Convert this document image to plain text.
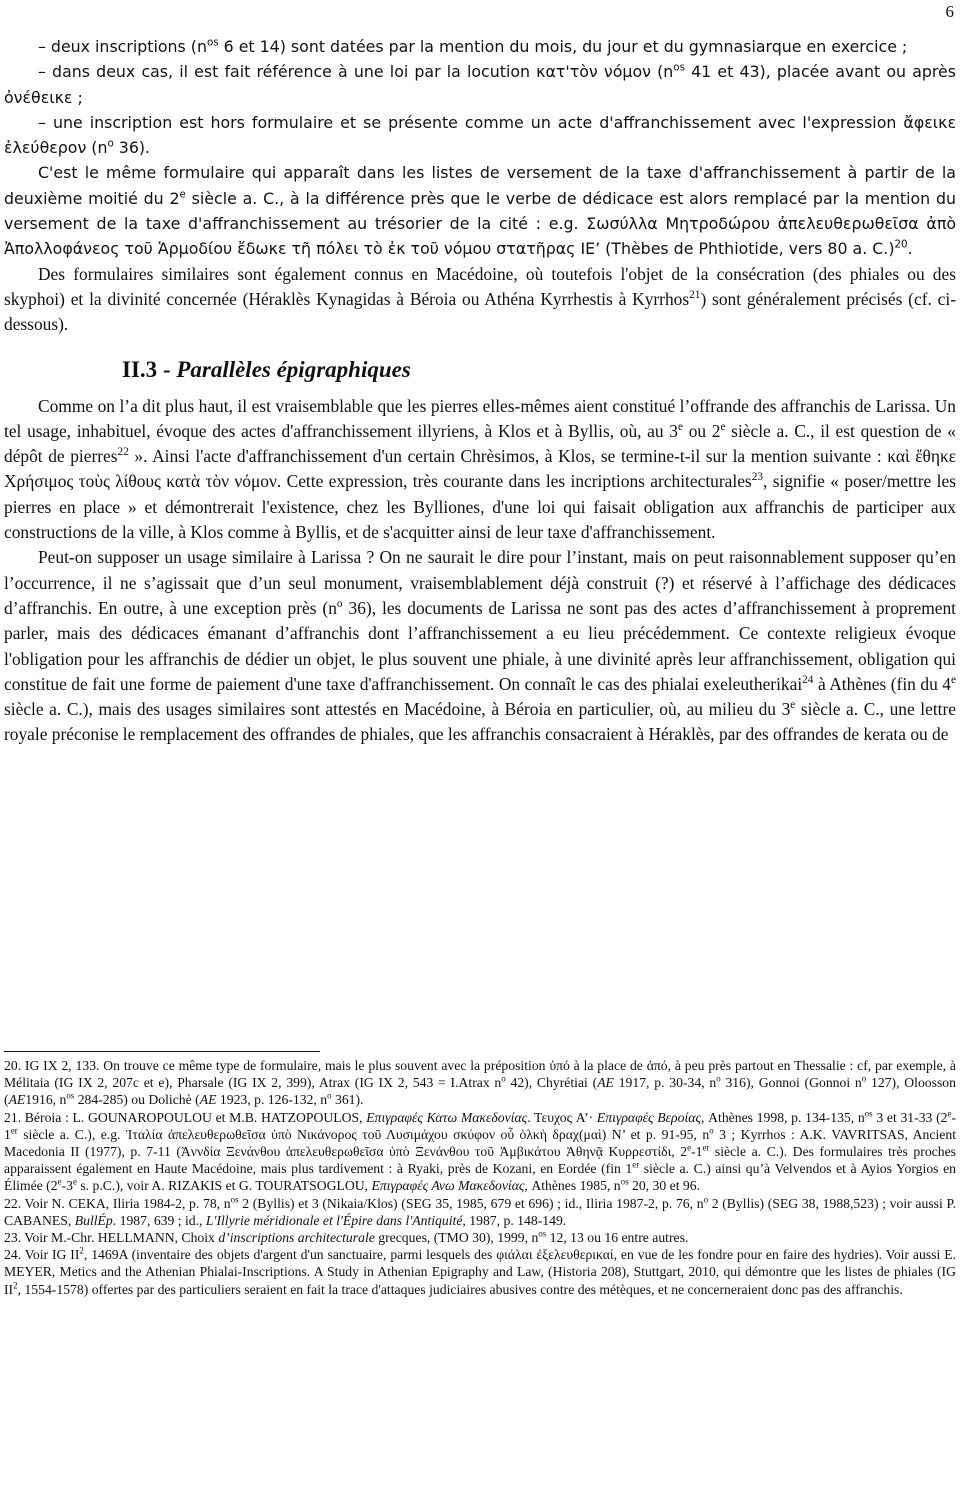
6

– deux inscriptions ($n^{os}$ 6 et 14) sont datées par la mention du mois, du jour et du gymnasiarque en exercice ;

– dans deux cas, il est fait référence à une loi par la locution κατ'τὸν νόμον ($n^{os}$ 41 et 43), placée avant ou après ὀνέθεικε ;

– une inscription est hors formulaire et se présente comme un acte d'affranchissement avec l'expression ἄφεικε ἐλεύθερον ($n^o$ 36).

C'est le même formulaire qui apparaît dans les listes de versement de la taxe d'affranchissement à partir de la deuxième moitié du 2e siècle a. C., à la différence près que le verbe de dédicace est alors remplacé par la mention du versement de la taxe d'affranchissement au trésorier de la cité : e.g. Σωσύλλα Μητροδώρου ἀπελευθερωθεῖσα ἀπὸ Ἀπολλοφάνεος τοῦ Ἁρμοδίου ἔδωκε τῆ πόλει τὸ ἐκ τοῦ νόμου στατῆρας ΙΕ’ (Thèbes de Phthiotide, vers 80 a. C.)$^{20}$.

Des formulaires similaires sont également connus en Macédoine, où toutefois l'objet de la consécration (des phiales ou des skyphoi) et la divinité concernée (Héraklès Kynagidas à Béroia ou Athéna Kyrrhestis à Kyrrhos$^{21}$) sont généralement précisés (cf. ci-dessous).

II.3 - Parallèles épigraphiques

Comme on l’a dit plus haut, il est vraisemblable que les pierres elles-mêmes aient constitué l’offrande des affranchis de Larissa. Un tel usage, inhabituel, évoque des actes d'affranchissement illyriens, à Klos et à Byllis, où, au 3e ou 2e siècle a. C., il est question de « dépôt de pierres$^{22}$ ». Ainsi l'acte d'affranchissement d'un certain Chrèsimos, à Klos, se termine-t-il sur la mention suivante : καὶ ἔθηκε Χρήσιμος τοὺς λίθους κατὰ τὸν νόμον. Cette expression, très courante dans les incriptions architecturales$^{23}$, signifie « poser/mettre les pierres en place » et démontrerait l'existence, chez les Bylliones, d'une loi qui faisait obligation aux affranchis de participer aux constructions de la ville, à Klos comme à Byllis, et de s'acquitter ainsi de leur taxe d'affranchissement.

Peut-on supposer un usage similaire à Larissa ? On ne saurait le dire pour l’instant, mais on peut raisonnablement supposer qu’en l’occurrence, il ne s’agissait que d’un seul monument, vraisemblablement déjà construit (?) et réservé à l’affichage des dédicaces d’affranchis. En outre, à une exception près ($n^o$ 36), les documents de Larissa ne sont pas des actes d’affranchissement à proprement parler, mais des dédicaces émanant d’affranchis dont l’affranchissement a eu lieu précédemment. Ce contexte religieux évoque l'obligation pour les affranchis de dédier un objet, le plus souvent une phiale, à une divinité après leur affranchissement, obligation qui constitue de fait une forme de paiement d'une taxe d'affranchissement. On connaît le cas des phialai exeleutherikai$^{24}$ à Athènes (fin du 4e siècle a. C.), mais des usages similaires sont attestés en Macédoine, à Béroia en particulier, où, au milieu du 3e siècle a. C., une lettre royale préconise le remplacement des offrandes de phiales, que les affranchis consacraient à Héraklès, par des offrandes de kerata ou de

20. IG IX 2, 133. On trouve ce même type de formulaire, mais le plus souvent avec la préposition ὑπό à la place de ἀπό, à peu près partout en Thessalie : cf, par exemple, à Mélitaia (IG IX 2, 207c et e), Pharsale (IG IX 2, 399), Atrax (IG IX 2, 543 = I.Atrax $n^o$ 42), Chyrétiai (AE 1917, p. 30-34, $n^o$ 316), Gonnoi (Gonnoi $n^o$ 127), Oloosson (AE1916, $n^{os}$ 284-285) ou Dolichè (AE 1923, p. 126-132, $n^o$ 361).

21. Béroia : L. GOUNAROPOULOU et M.B. HATZOPOULOS, Επιγραφές Κατω Μακεδονίας. Τευχος A’· Επιγραφές Βεροίας, Athènes 1998, p. 134-135, $n^{os}$ 3 et 31-33 (2e-1er siècle a. C.), e.g. Ἰταλία ἀπελευθερωθεῖσα ὑπὸ Νικάνορος τοῦ Λυσιμάχου σκύφον οὗ ὁλκὴ δραχ(μαὶ) Ν’ et p. 91-95, $n^o$ 3 ; Kyrrhos : A.K. VAVRITSAS, Ancient Macedonia II (1977), p. 7-11 (Ἀννδία Ξενάνθου ἀπελευθερωθεῖσα ὑπὸ Ξενάνθου τοῦ Ἀμβικάτου Ἀθηνᾷ Κυρρεστίδι, 2e-1er siècle a. C.). Des formulaires très proches apparaissent également en Haute Macédoine, mais plus tardivement : à Ryaki, près de Kozani, en Eordée (fin 1er siècle a. C.) ainsi qu’à Velvendos et à Ayios Yorgios en Élimée (2e-3e s. p.C.), voir A. RIZAKIS et G. TOURATSOGLOU, Επιγραφές Ανω Μακεδονίας, Athènes 1985, $n^{os}$ 20, 30 et 96.

22. Voir N. CEKA, Iliria 1984-2, p. 78, $n^{os}$ 2 (Byllis) et 3 (Nikaia/Klos) (SEG 35, 1985, 679 et 696) ; id., Iliria 1987-2, p. 76, $n^o$ 2 (Byllis) (SEG 38, 1988,523) ; voir aussi P. CABANES, BullÉp. 1987, 639 ; id., L'Illyrie méridionale et l'Épire dans l'Antiquité, 1987, p. 148-149.

23. Voir M.-Chr. HELLMANN, Choix d’inscriptions architecturale grecques, (TMO 30), 1999, $n^{os}$ 12, 13 ou 16 entre autres.

24. Voir IG $II^2$, 1469A (inventaire des objets d'argent d'un sanctuaire, parmi lesquels des φιάλαι ἐξελευθερικαί, en vue de les fondre pour en faire des hydries). Voir aussi E. MEYER, Metics and the Athenian Phialai-Inscriptions. A Study in Athenian Epigraphy and Law, (Historia 208), Stuttgart, 2010, qui démontre que les listes de phiales (IG $II^2$, 1554-1578) offertes par des particuliers seraient en fait la trace d'attaques judiciaires abusives contre des métèques, et ne concerneraient donc pas des affranchis.
